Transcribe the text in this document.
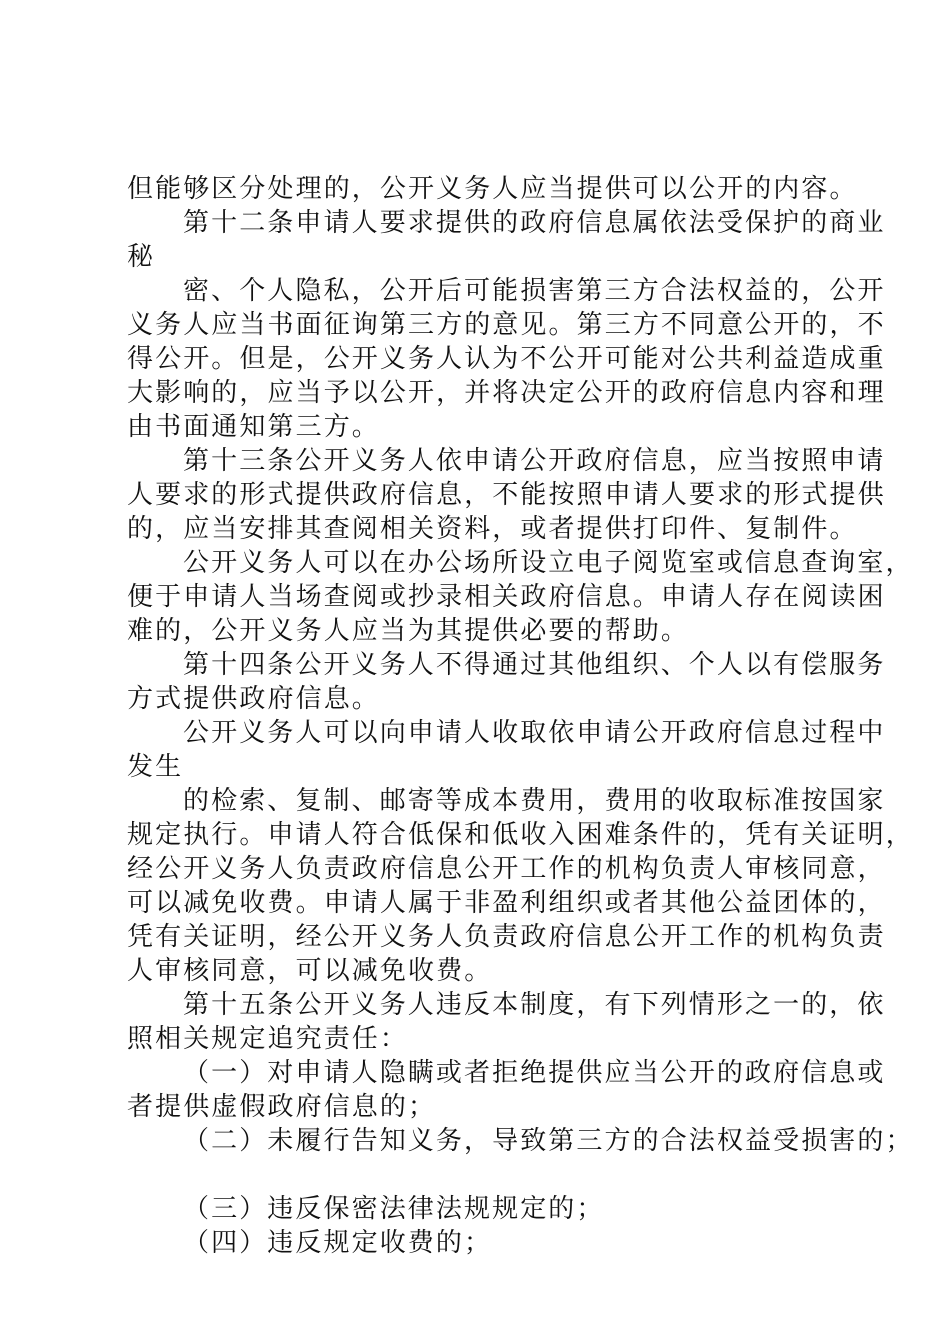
但能够区分处理的，公开义务人应当提供可以公开的内容。
第十二条申请人要求提供的政府信息属依法受保护的商业
秘
密、个人隐私，公开后可能损害第三方合法权益的，公开
义务人应当书面征询第三方的意见。第三方不同意公开的，不
得公开。但是，公开义务人认为不公开可能对公共利益造成重
大影响的，应当予以公开，并将决定公开的政府信息内容和理
由书面通知第三方。
第十三条公开义务人依申请公开政府信息，应当按照申请
人要求的形式提供政府信息，不能按照申请人要求的形式提供
的，应当安排其查阅相关资料，或者提供打印件、复制件。
公开义务人可以在办公场所设立电子阅览室或信息查询室，
便于申请人当场查阅或抄录相关政府信息。申请人存在阅读困
难的，公开义务人应当为其提供必要的帮助。
第十四条公开义务人不得通过其他组织、个人以有偿服务
方式提供政府信息。
公开义务人可以向申请人收取依申请公开政府信息过程中
发生
的检索、复制、邮寄等成本费用，费用的收取标准按国家
规定执行。申请人符合低保和低收入困难条件的，凭有关证明，
经公开义务人负责政府信息公开工作的机构负责人审核同意，
可以减免收费。申请人属于非盈利组织或者其他公益团体的，
凭有关证明，经公开义务人负责政府信息公开工作的机构负责
人审核同意，可以减免收费。
第十五条公开义务人违反本制度，有下列情形之一的，依
照相关规定追究责任：
（一）对申请人隐瞒或者拒绝提供应当公开的政府信息或
者提供虚假政府信息的；
（二）未履行告知义务，导致第三方的合法权益受损害的；
（三）违反保密法律法规规定的；
（四）违反规定收费的；
